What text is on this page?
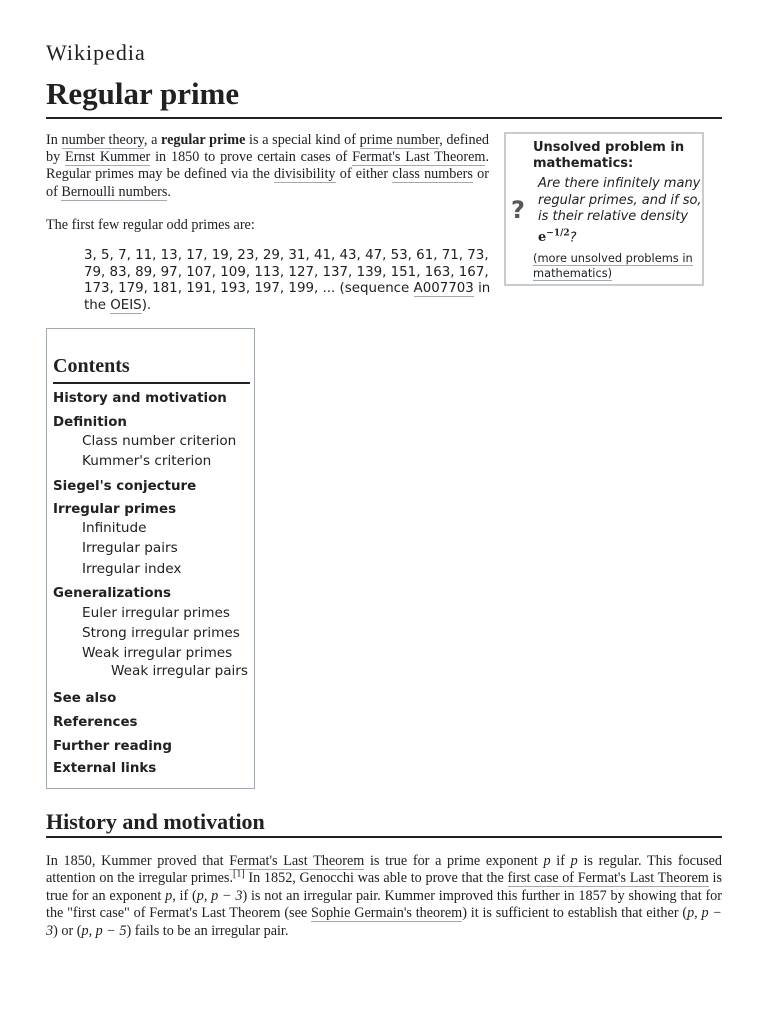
Wikipedia
Regular prime

In number theory, a regular prime is a special kind of prime number, defined by Ernst Kummer in 1850 to prove certain cases of Fermat's Last Theorem. Regular primes may be defined via the divisibility of either class numbers or of Bernoulli numbers.

The first few regular odd primes are:

3, 5, 7, 11, 13, 17, 19, 23, 29, 31, 41, 43, 47, 53, 61, 71, 73, 79, 83, 89, 97, 107, 109, 113, 127, 137, 139, 151, 163, 167, 173, 179, 181, 191, 193, 197, 199, ... (sequence A007703 in the OEIS).

Unsolved problem in mathematics:
?
Are there infinitely many regular primes, and if so, is their relative density $e^{-1/2}$?
(more unsolved problems in mathematics)
Contents
History and motivation
Definition
Class number criterion
Kummer's criterion
Siegel's conjecture
Irregular primes
Infinitude
Irregular pairs
Irregular index
Generalizations
Euler irregular primes
Strong irregular primes
Weak irregular primes
Weak irregular pairs
See also
References
Further reading
External links
History and motivation

In 1850, Kummer proved that Fermat's Last Theorem is true for a prime exponent p if p is regular. This focused attention on the irregular primes.[1] In 1852, Genocchi was able to prove that the first case of Fermat's Last Theorem is true for an exponent p, if (p, p − 3) is not an irregular pair. Kummer improved this further in 1857 by showing that for the "first case" of Fermat's Last Theorem (see Sophie Germain's theorem) it is sufficient to establish that either (p, p − 3) or (p, p − 5) fails to be an irregular pair.
